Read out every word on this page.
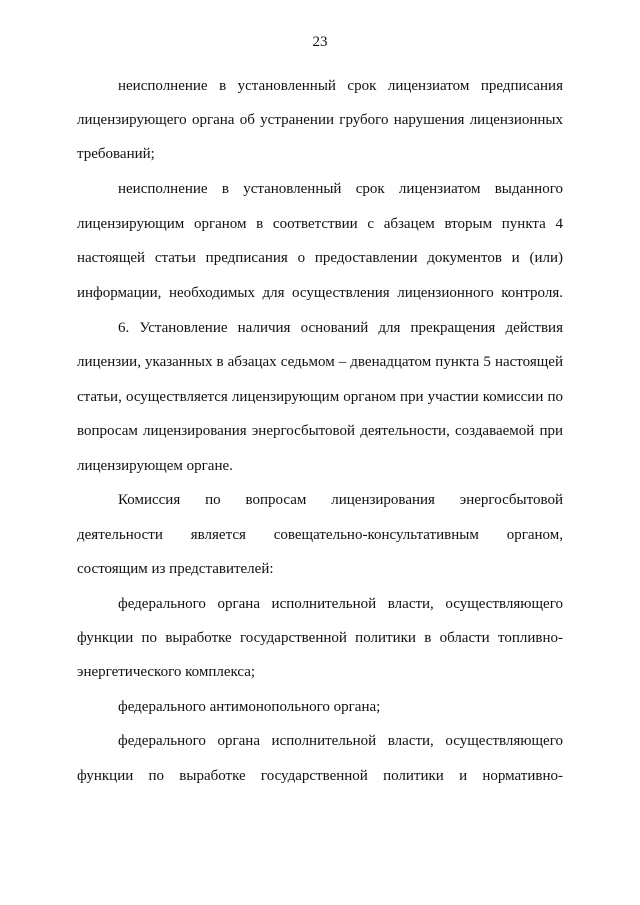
23
неисполнение в установленный срок лицензиатом предписания
лицензирующего органа об устранении грубого нарушения лицензионных
требований;
неисполнение в установленный срок лицензиатом выданного
лицензирующим органом в соответствии с абзацем вторым пункта 4
настоящей статьи предписания о предоставлении документов и (или)
информации, необходимых для осуществления лицензионного контроля.
6. Установление наличия оснований для прекращения действия
лицензии, указанных в абзацах седьмом – двенадцатом пункта 5 настоящей
статьи, осуществляется лицензирующим органом при участии комиссии по
вопросам лицензирования энергосбытовой деятельности, создаваемой при
лицензирующем органе.
Комиссия по вопросам лицензирования энергосбытовой
деятельности является совещательно-консультативным органом,
состоящим из представителей:
федерального органа исполнительной власти, осуществляющего
функции по выработке государственной политики в области топливно-
энергетического комплекса;
федерального антимонопольного органа;
федерального органа исполнительной власти, осуществляющего
функции по выработке государственной политики и нормативно-
